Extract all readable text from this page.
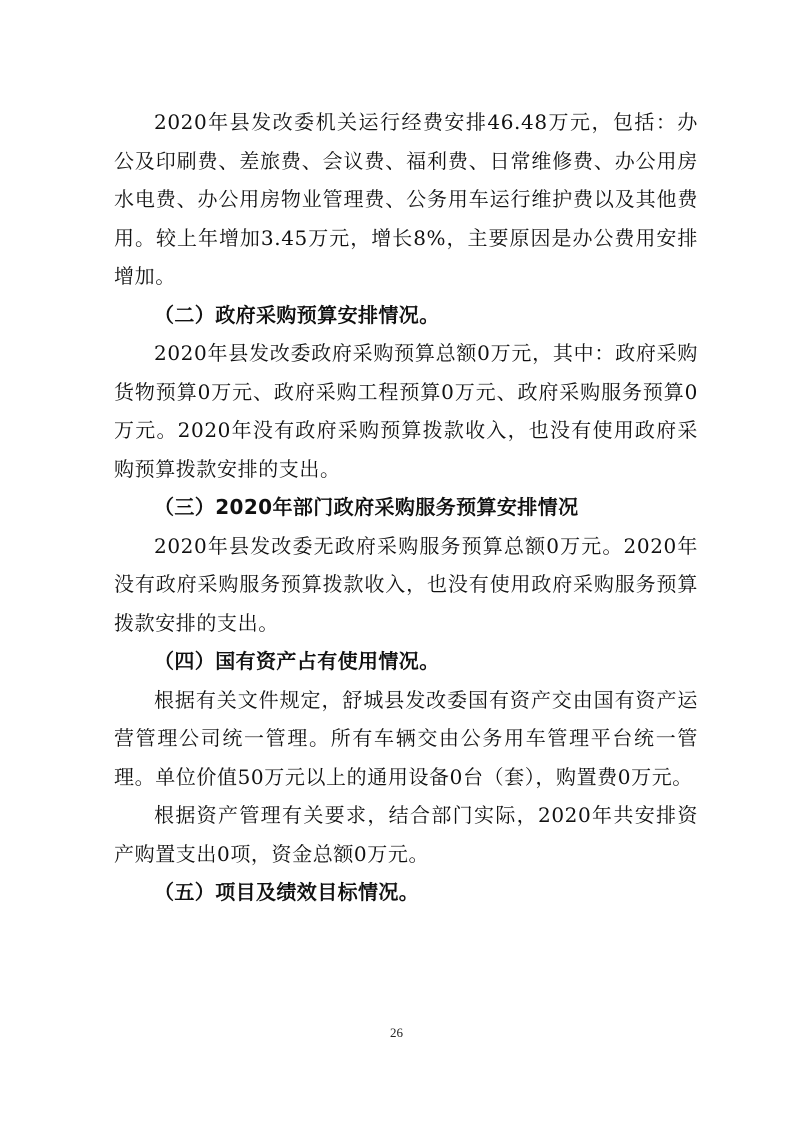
2020年县发改委机关运行经费安排46.48万元，包括：办公及印刷费、差旅费、会议费、福利费、日常维修费、办公用房水电费、办公用房物业管理费、公务用车运行维护费以及其他费用。较上年增加3.45万元，增长8%，主要原因是办公费用安排增加。

（二）政府采购预算安排情况。

2020年县发改委政府采购预算总额0万元，其中：政府采购货物预算0万元、政府采购工程预算0万元、政府采购服务预算0万元。2020年没有政府采购预算拨款收入，也没有使用政府采购预算拨款安排的支出。

（三）2020年部门政府采购服务预算安排情况

2020年县发改委无政府采购服务预算总额0万元。2020年没有政府采购服务预算拨款收入，也没有使用政府采购服务预算拨款安排的支出。

（四）国有资产占有使用情况。

根据有关文件规定，舒城县发改委国有资产交由国有资产运营管理公司统一管理。所有车辆交由公务用车管理平台统一管理。单位价值50万元以上的通用设备0台（套），购置费0万元。

根据资产管理有关要求，结合部门实际，2020年共安排资产购置支出0项，资金总额0万元。

（五）项目及绩效目标情况。

26
